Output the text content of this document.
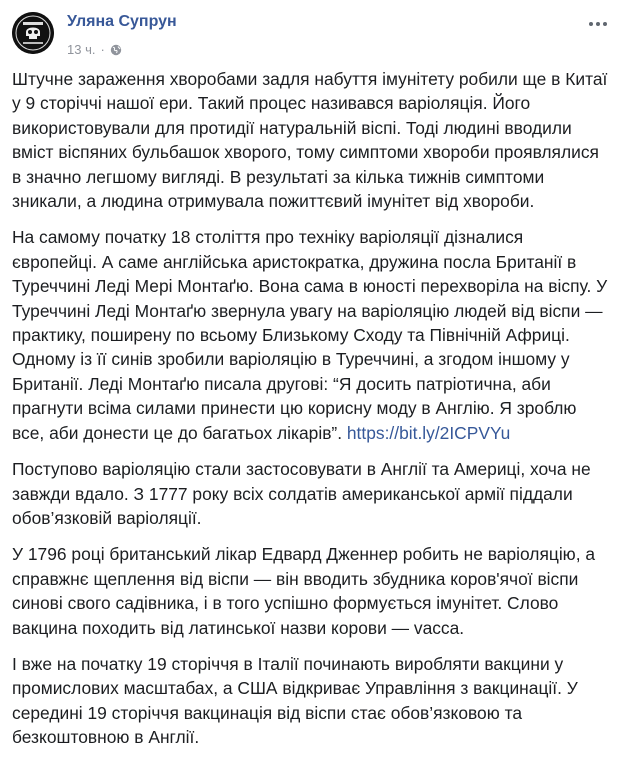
Уляна Супрун
13 ч. ·

Штучне зараження хворобами задля набуття імунітету робили ще в Китаї у 9 сторіччі нашої ери. Такий процес називався варіоляція. Його використовували для протидії натуральній віспі. Тоді людині вводили вміст віспяних бульбашок хворого, тому симптоми хвороби проявлялися в значно легшому вигляді. В результаті за кілька тижнів симптоми зникали, а людина отримувала пожиттєвий імунітет від хвороби.

На самому початку 18 століття про техніку варіоляції дізналися європейці. А саме англійська аристократка, дружина посла Британії в Туреччині Леді Мері Монтаґю. Вона сама в юності перехворіла на віспу. У Туреччині Леді Монтаґю звернула увагу на варіоляцію людей від віспи — практику, поширену по всьому Близькому Сходу та Північній Африці. Одному із її синів зробили варіоляцію в Туреччині, а згодом іншому у Британії. Леді Монтаґю писала другові: “Я досить патріотична, аби прагнути всіма силами принести цю корисну моду в Англію. Я зроблю все, аби донести це до багатьох лікарів”. https://bit.ly/2ICPVYu

Поступово варіоляцію стали застосовувати в Англії та Америці, хоча не завжди вдало. З 1777 року всіх солдатів американської армії піддали обов’язковій варіоляції.

У 1796 році британський лікар Едвард Дженнер робить не варіоляцію, а справжнє щеплення від віспи — він вводить збудника коров'ячої віспи синові свого садівника, і в того успішно формується імунітет. Слово вакцина походить від латинської назви корови — vacca.

І вже на початку 19 сторіччя в Італії починають виробляти вакцини у промислових масштабах, а США відкриває Управління з вакцинації. У середині 19 сторіччя вакцинація від віспи стає обов’язковою та безкоштовною в Англії.
